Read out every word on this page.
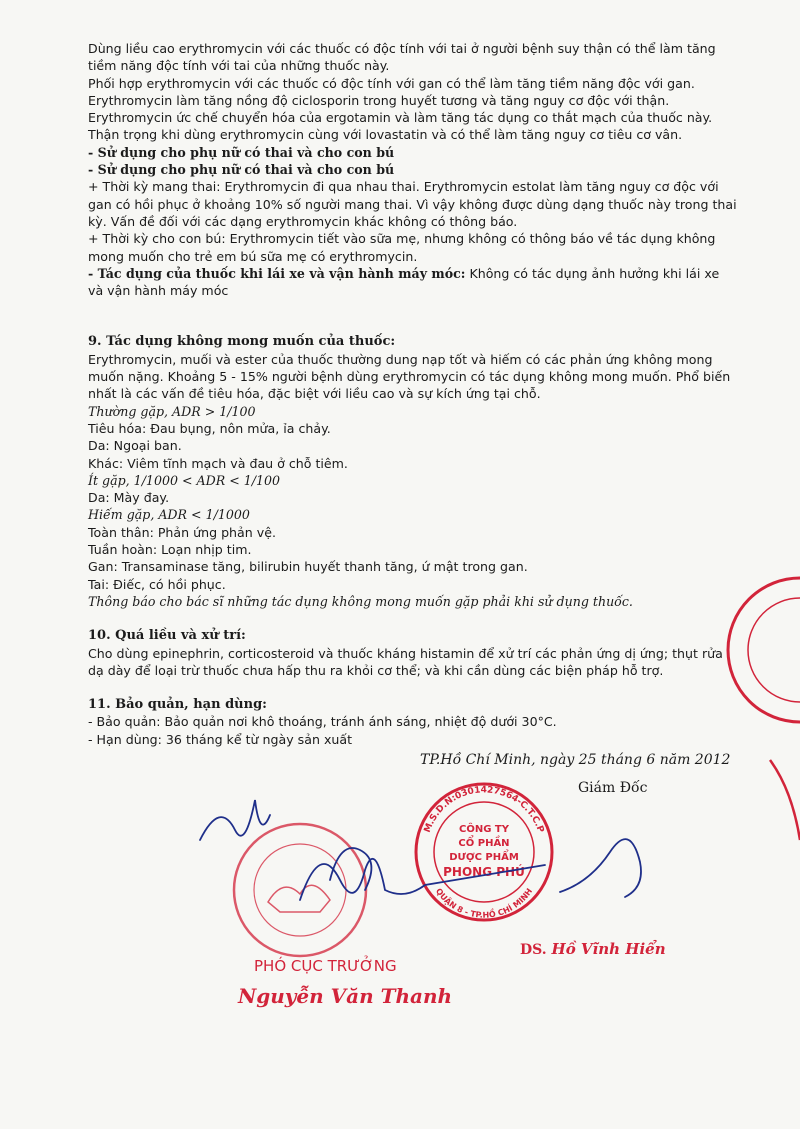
Dùng liều cao erythromycin với các thuốc có độc tính với tai ở người bệnh suy thận có thể làm tăng tiềm năng độc tính với tai của những thuốc này.

Phối hợp erythromycin với các thuốc có độc tính với gan có thể làm tăng tiềm năng độc với gan.

Erythromycin làm tăng nồng độ ciclosporin trong huyết tương và tăng nguy cơ độc với thận.

Erythromycin ức chế chuyển hóa của ergotamin và làm tăng tác dụng co thắt mạch của thuốc này.

Thận trọng khi dùng erythromycin cùng với lovastatin và có thể làm tăng nguy cơ tiêu cơ vân.

- Sử dụng cho phụ nữ có thai và cho con bú

- Sử dụng cho phụ nữ có thai và cho con bú

+ Thời kỳ mang thai: Erythromycin đi qua nhau thai. Erythromycin estolat làm tăng nguy cơ độc với gan có hồi phục ở khoảng 10% số người mang thai. Vì vậy không được dùng dạng thuốc này trong thai kỳ. Vấn đề đối với các dạng erythromycin khác không có thông báo.

+ Thời kỳ cho con bú: Erythromycin tiết vào sữa mẹ, nhưng không có thông báo về tác dụng không mong muốn cho trẻ em bú sữa mẹ có erythromycin.

- Tác dụng của thuốc khi lái xe và vận hành máy móc: Không có tác dụng ảnh hưởng khi lái xe và vận hành máy móc

9. Tác dụng không mong muốn của thuốc:

Erythromycin, muối và ester của thuốc thường dung nạp tốt và hiếm có các phản ứng không mong muốn nặng. Khoảng 5 - 15% người bệnh dùng erythromycin có tác dụng không mong muốn. Phổ biến nhất là các vấn đề tiêu hóa, đặc biệt với liều cao và sự kích ứng tại chỗ.

Thường gặp, ADR > 1/100

Tiêu hóa: Đau bụng, nôn mửa, ỉa chảy.

Da: Ngoại ban.

Khác: Viêm tĩnh mạch và đau ở chỗ tiêm.

Ít gặp, 1/1000 < ADR < 1/100

Da: Mày đay.

Hiếm gặp, ADR < 1/1000

Toàn thân: Phản ứng phản vệ.

Tuần hoàn: Loạn nhịp tim.

Gan: Transaminase tăng, bilirubin huyết thanh tăng, ứ mật trong gan.

Tai: Điếc, có hồi phục.

Thông báo cho bác sĩ những tác dụng không mong muốn gặp phải khi sử dụng thuốc.

10. Quá liều và xử trí:

Cho dùng epinephrin, corticosteroid và thuốc kháng histamin để xử trí các phản ứng dị ứng; thụt rửa dạ dày để loại trừ thuốc chưa hấp thu ra khỏi cơ thể; và khi cần dùng các biện pháp hỗ trợ.

11. Bảo quản, hạn dùng:

- Bảo quản: Bảo quản nơi khô thoáng, tránh ánh sáng, nhiệt độ dưới 30°C.

- Hạn dùng: 36 tháng kể từ ngày sản xuất

TP.Hồ Chí Minh, ngày 25 tháng 6 năm 2012
Giám Đốc
M.S.D.N:0301427564-C.T.C.P
QUẬN 8 - TP.HỒ CHÍ MINH
CÔNG TY
CỔ PHẦN
DƯỢC PHẨM
PHONG PHÚ
PHÓ CỤC TRƯỞNG
Nguyễn Văn Thanh
DS. Hồ Vĩnh Hiển
